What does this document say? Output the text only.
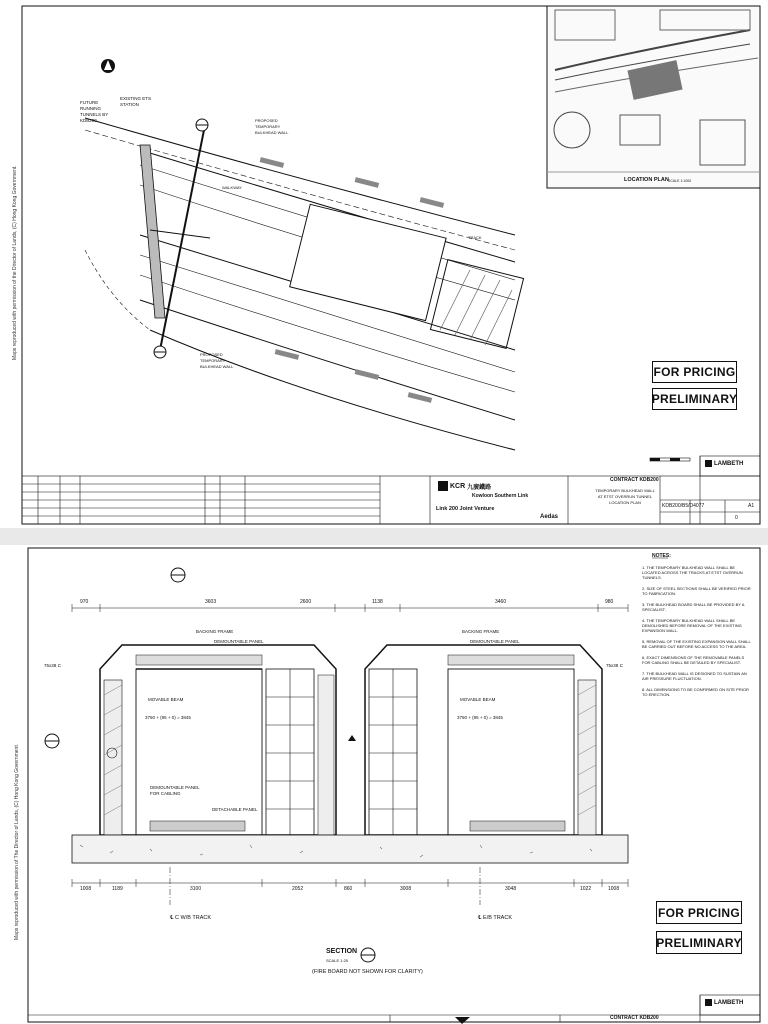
Maps reproduced with permission of the Director of Lands, (C) Hong Kong Government.
FUTURE RUNNING TUNNELS BY KDB200
EXISTING ETS STATION
PROPOSED TEMPORARY BULKHEAD WALL
PROPOSED TEMPORARY BULKHEAD WALL
WALKWAY
TRACK
LOCATION PLAN SCALE 1:1000
FOR PRICING
PRELIMINARY
KCR 九廣鐵路
Kowloon Southern Link
Link 200 Joint Venture
Aedas
CONTRACT KDB200
TEMPORARY BULKHEAD WALL AT ETST OVERRUN TUNNEL LOCATION PLAN
KDB200/B5/D4077	A1
0
LAMBETH
Maps reproduced with permission of The Director of Lands, (C) Hong Kong Government.
NOTES:
1. THE TEMPORARY BULKHEAD WALL SHALL BE LOCATED ACROSS THE TRACKS AT ETST OVERRUN TUNNELS.
2. SIZE OF STEEL SECTIONS SHALL BE VERIFIED PRIOR TO FABRICATION.
3. THE BULKHEAD BOARD SHALL BE PROVIDED BY A SPECIALIST.
4. THE TEMPORARY BULKHEAD WALL SHALL BE DEMOLISHED BEFORE REMOVAL OF THE EXISTING EXPANSION WALL.
5. REMOVAL OF THE EXISTING EXPANSION WALL SHALL BE CARRIED OUT BEFORE NO ACCESS TO THE AREA.
6. EXACT DIMENSIONS OF THE REMOVABLE PANELS FOR CABLING SHALL BE DETAILED BY SPECIALIST.
7. THE BULKHEAD WALL IS DESIGNED TO SUSTAIN AN AIR PRESSURE FLUCTUATION.
8. ALL DIMENSIONS TO BE CONFIRMED ON SITE PRIOR TO ERECTION.
970	3603	2600	1138	3460	980
1008	1189	3100	2052	860	3008	3048	1022	1008
BACKING FRAME
DEMOUNTABLE PANEL
BACKING FRAME
DEMOUNTABLE PANEL
MOVABLE BEAM
3750 + (95 + 0) = 3845
MOVABLE BEAM
3750 + (95 + 0) = 3845
DEMOUNTABLE PANEL FOR CABLING
DETACHABLE PANEL
75x38 ⊏	75x38 ⊏
℄ C W/B TRACK	℄ E/B TRACK
SECTION
SCALE 1:25
(FIRE BOARD NOT SHOWN FOR CLARITY)
FOR PRICING
PRELIMINARY
CONTRACT KDB200
LAMBETH
